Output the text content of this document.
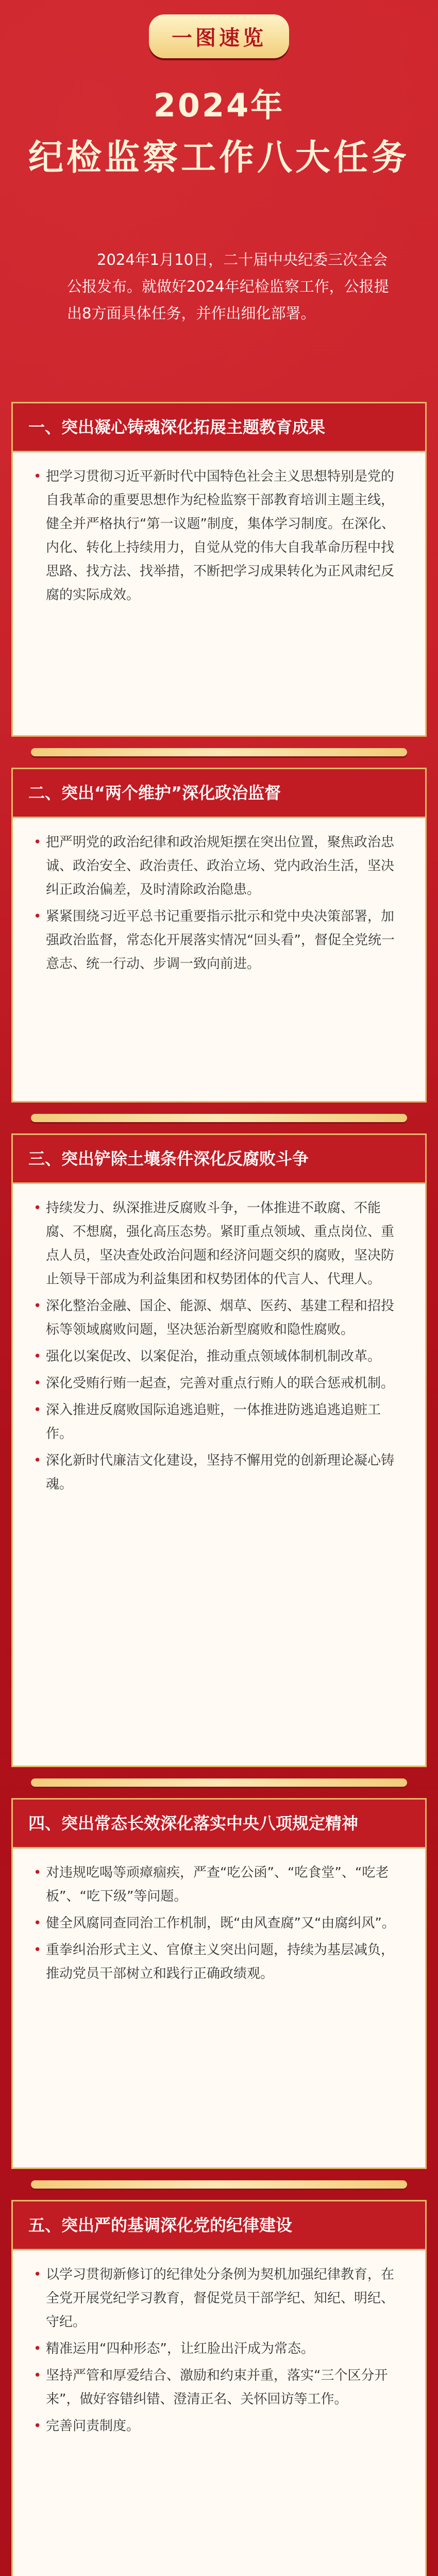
一图速览
2024年
纪检监察工作八大任务
2024年1月10日，二十届中央纪委三次全会公报发布。就做好2024年纪检监察工作，公报提出8方面具体任务，并作出细化部署。
一、突出凝心铸魂深化拓展主题教育成果
• 把学习贯彻习近平新时代中国特色社会主义思想特别是党的自我革命的重要思想作为纪检监察干部教育培训主题主线，健全并严格执行“第一议题”制度，集体学习制度。在深化、内化、转化上持续用力，自觉从党的伟大自我革命历程中找思路、找方法、找举措，不断把学习成果转化为正风肃纪反腐的实际成效。
二、突出“两个维护”深化政治监督
• 把严明党的政治纪律和政治规矩摆在突出位置，聚焦政治忠诚、政治安全、政治责任、政治立场、党内政治生活，坚决纠正政治偏差，及时清除政治隐患。
• 紧紧围绕习近平总书记重要指示批示和党中央决策部署，加强政治监督，常态化开展落实情况“回头看”，督促全党统一意志、统一行动、步调一致向前进。
三、突出铲除土壤条件深化反腐败斗争
• 持续发力、纵深推进反腐败斗争，一体推进不敢腐、不能腐、不想腐，强化高压态势。紧盯重点领域、重点岗位、重点人员，坚决查处政治问题和经济问题交织的腐败，坚决防止领导干部成为利益集团和权势团体的代言人、代理人。
• 深化整治金融、国企、能源、烟草、医药、基建工程和招投标等领域腐败问题，坚决惩治新型腐败和隐性腐败。
• 强化以案促改、以案促治，推动重点领域体制机制改革。
• 深化受贿行贿一起查，完善对重点行贿人的联合惩戒机制。
• 深入推进反腐败国际追逃追赃，一体推进防逃追逃追赃工作。
• 深化新时代廉洁文化建设，坚持不懈用党的创新理论凝心铸魂。
四、突出常态长效深化落实中央八项规定精神
• 对违规吃喝等顽瘴痼疾，严查“吃公函”、“吃食堂”、“吃老板”、“吃下级”等问题。
• 健全风腐同查同治工作机制，既“由风查腐”又“由腐纠风”。
• 重拳纠治形式主义、官僚主义突出问题，持续为基层减负，推动党员干部树立和践行正确政绩观。
五、突出严的基调深化党的纪律建设
• 以学习贯彻新修订的纪律处分条例为契机加强纪律教育，在全党开展党纪学习教育，督促党员干部学纪、知纪、明纪、守纪。
• 精准运用“四种形态”，让红脸出汗成为常态。
• 坚持严管和厚爱结合、激励和约束并重，落实“三个区分开来”，做好容错纠错、澄清正名、关怀回访等工作。
• 完善问责制度。
